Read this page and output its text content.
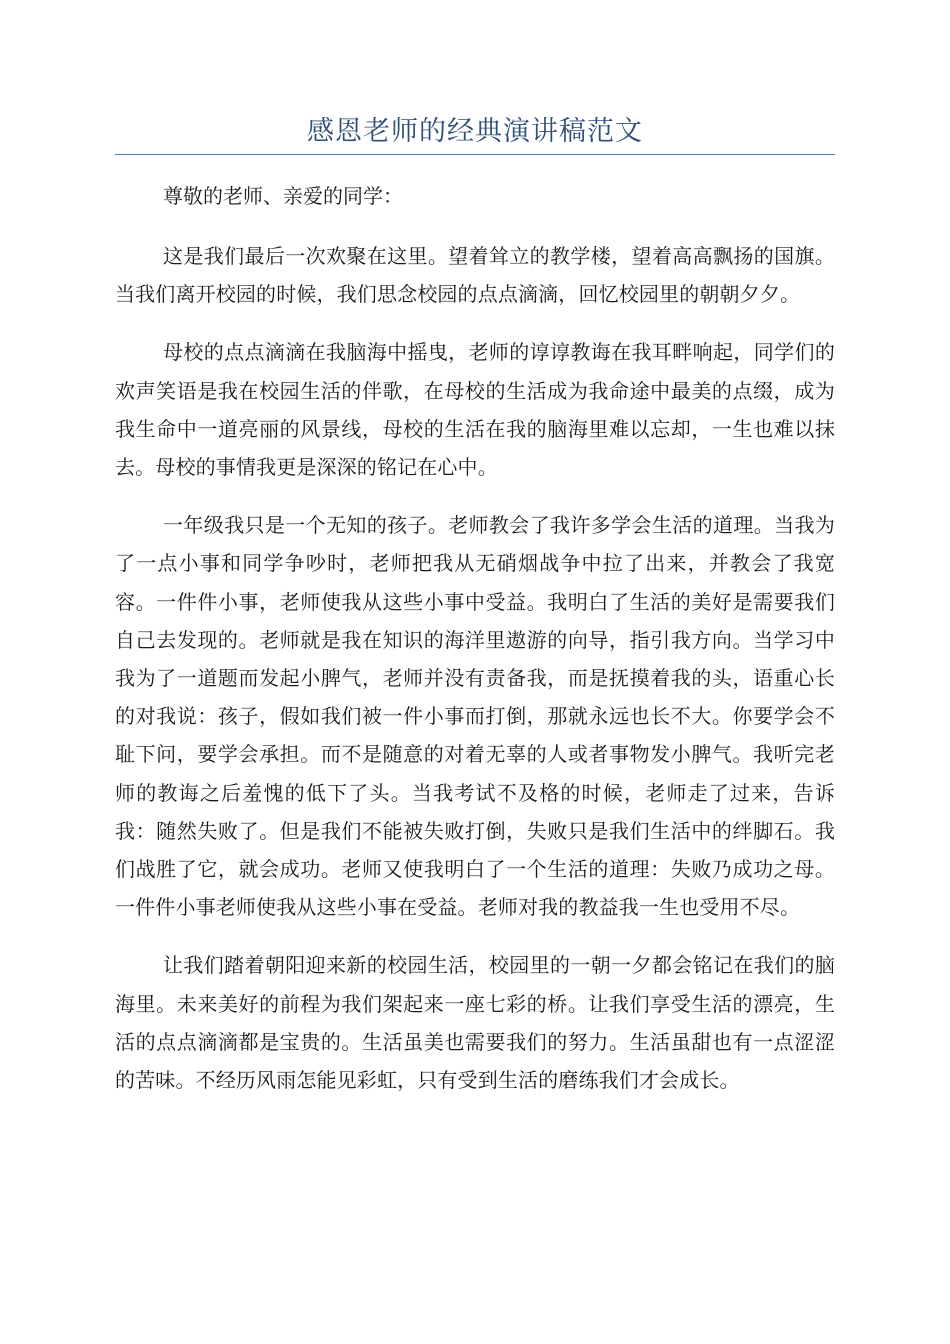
感恩老师的经典演讲稿范文

尊敬的老师、亲爱的同学：

这是我们最后一次欢聚在这里。望着耸立的教学楼，望着高高飘扬的国旗。当我们离开校园的时候，我们思念校园的点点滴滴，回忆校园里的朝朝夕夕。

母校的点点滴滴在我脑海中摇曳，老师的谆谆教诲在我耳畔响起，同学们的欢声笑语是我在校园生活的伴歌，在母校的生活成为我命途中最美的点缀，成为我生命中一道亮丽的风景线，母校的生活在我的脑海里难以忘却，一生也难以抹去。母校的事情我更是深深的铭记在心中。

一年级我只是一个无知的孩子。老师教会了我许多学会生活的道理。当我为了一点小事和同学争吵时，老师把我从无硝烟战争中拉了出来，并教会了我宽容。一件件小事，老师使我从这些小事中受益。我明白了生活的美好是需要我们自己去发现的。老师就是我在知识的海洋里遨游的向导，指引我方向。当学习中我为了一道题而发起小脾气，老师并没有责备我，而是抚摸着我的头，语重心长的对我说：孩子，假如我们被一件小事而打倒，那就永远也长不大。你要学会不耻下问，要学会承担。而不是随意的对着无辜的人或者事物发小脾气。我听完老师的教诲之后羞愧的低下了头。当我考试不及格的时候，老师走了过来，告诉我：随然失败了。但是我们不能被失败打倒，失败只是我们生活中的绊脚石。我们战胜了它，就会成功。老师又使我明白了一个生活的道理：失败乃成功之母。一件件小事老师使我从这些小事在受益。老师对我的教益我一生也受用不尽。

让我们踏着朝阳迎来新的校园生活，校园里的一朝一夕都会铭记在我们的脑海里。未来美好的前程为我们架起来一座七彩的桥。让我们享受生活的漂亮，生活的点点滴滴都是宝贵的。生活虽美也需要我们的努力。生活虽甜也有一点涩涩的苦味。不经历风雨怎能见彩虹，只有受到生活的磨练我们才会成长。
